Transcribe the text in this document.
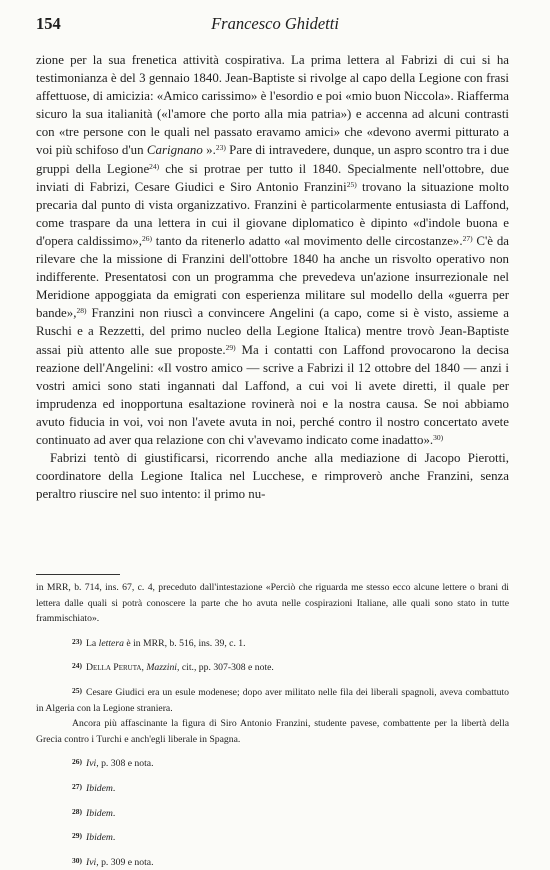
154	Francesco Ghidetti

zione per la sua frenetica attività cospirativa. La prima lettera al Fabrizi di cui si ha testimonianza è del 3 gennaio 1840. Jean-Baptiste si rivolge al capo della Legione con frasi affettuose, di amicizia: «Amico carissimo» è l'esordio e poi «mio buon Niccola». Riafferma sicuro la sua italianità («l'amore che porto alla mia patria») e accenna ad alcuni contrasti con «tre persone con le quali nel passato eravamo amici» che «devono avermi pitturato a voi più schifoso d'un Carignano ».$^{23)}$ Pare di intravedere, dunque, un aspro scontro tra i due gruppi della Legione$^{24)}$ che si protrae per tutto il 1840. Specialmente nell'ottobre, due inviati di Fabrizi, Cesare Giudici e Siro Antonio Franzini$^{25)}$ trovano la situazione molto precaria dal punto di vista organizzativo. Franzini è particolarmente entusiasta di Laffond, come traspare da una lettera in cui il giovane diplomatico è dipinto «d'indole buona e d'opera caldissimo»,$^{26)}$ tanto da ritenerlo adatto «al movimento delle circostanze».$^{27)}$ C'è da rilevare che la missione di Franzini dell'ottobre 1840 ha anche un risvolto operativo non indifferente. Presentatosi con un programma che prevedeva un'azione insurrezionale nel Meridione appoggiata da emigrati con esperienza militare sul modello della «guerra per bande»,$^{28)}$ Franzini non riuscì a convincere Angelini (a capo, come si è visto, assieme a Ruschi e a Rezzetti, del primo nucleo della Legione Italica) mentre trovò Jean-Baptiste assai più attento alle sue proposte.$^{29)}$ Ma i contatti con Laffond provocarono la decisa reazione dell'Angelini: «Il vostro amico — scrive a Fabrizi il 12 ottobre del 1840 — anzi i vostri amici sono stati ingannati dal Laffond, a cui voi li avete diretti, il quale per imprudenza ed inopportuna esaltazione rovinerà noi e la nostra causa. Se noi abbiamo avuto fiducia in voi, voi non l'avete avuta in noi, perché contro il nostro concertato avete continuato ad aver qua relazione con chi v'avevamo indicato come inadatto».$^{30)}$

Fabrizi tentò di giustificarsi, ricorrendo anche alla mediazione di Jacopo Pierotti, coordinatore della Legione Italica nel Lucchese, e rimproverò anche Franzini, senza peraltro riuscire nel suo intento: il primo nu-

in MRR, b. 714, ins. 67, c. 4, preceduto dall'intestazione «Perciò che riguarda me stesso ecco alcune lettere o brani di lettera dalle quali si potrà conoscere la parte che ho avuta nelle cospirazioni Italiane, alle quali sono stato in tutte frammischiato».

$^{23)}$ La lettera è in MRR, b. 516, ins. 39, c. 1.

$^{24)}$ Della Peruta, Mazzini, cit., pp. 307-308 e note.

$^{25)}$ Cesare Giudici era un esule modenese; dopo aver militato nelle fila dei liberali spagnoli, aveva combattuto in Algeria con la Legione straniera.

Ancora più affascinante la figura di Siro Antonio Franzini, studente pavese, combattente per la libertà della Grecia contro i Turchi e anch'egli liberale in Spagna.

$^{26)}$ Ivi, p. 308 e nota.

$^{27)}$ Ibidem.

$^{28)}$ Ibidem.

$^{29)}$ Ibidem.

$^{30)}$ Ivi, p. 309 e nota.
